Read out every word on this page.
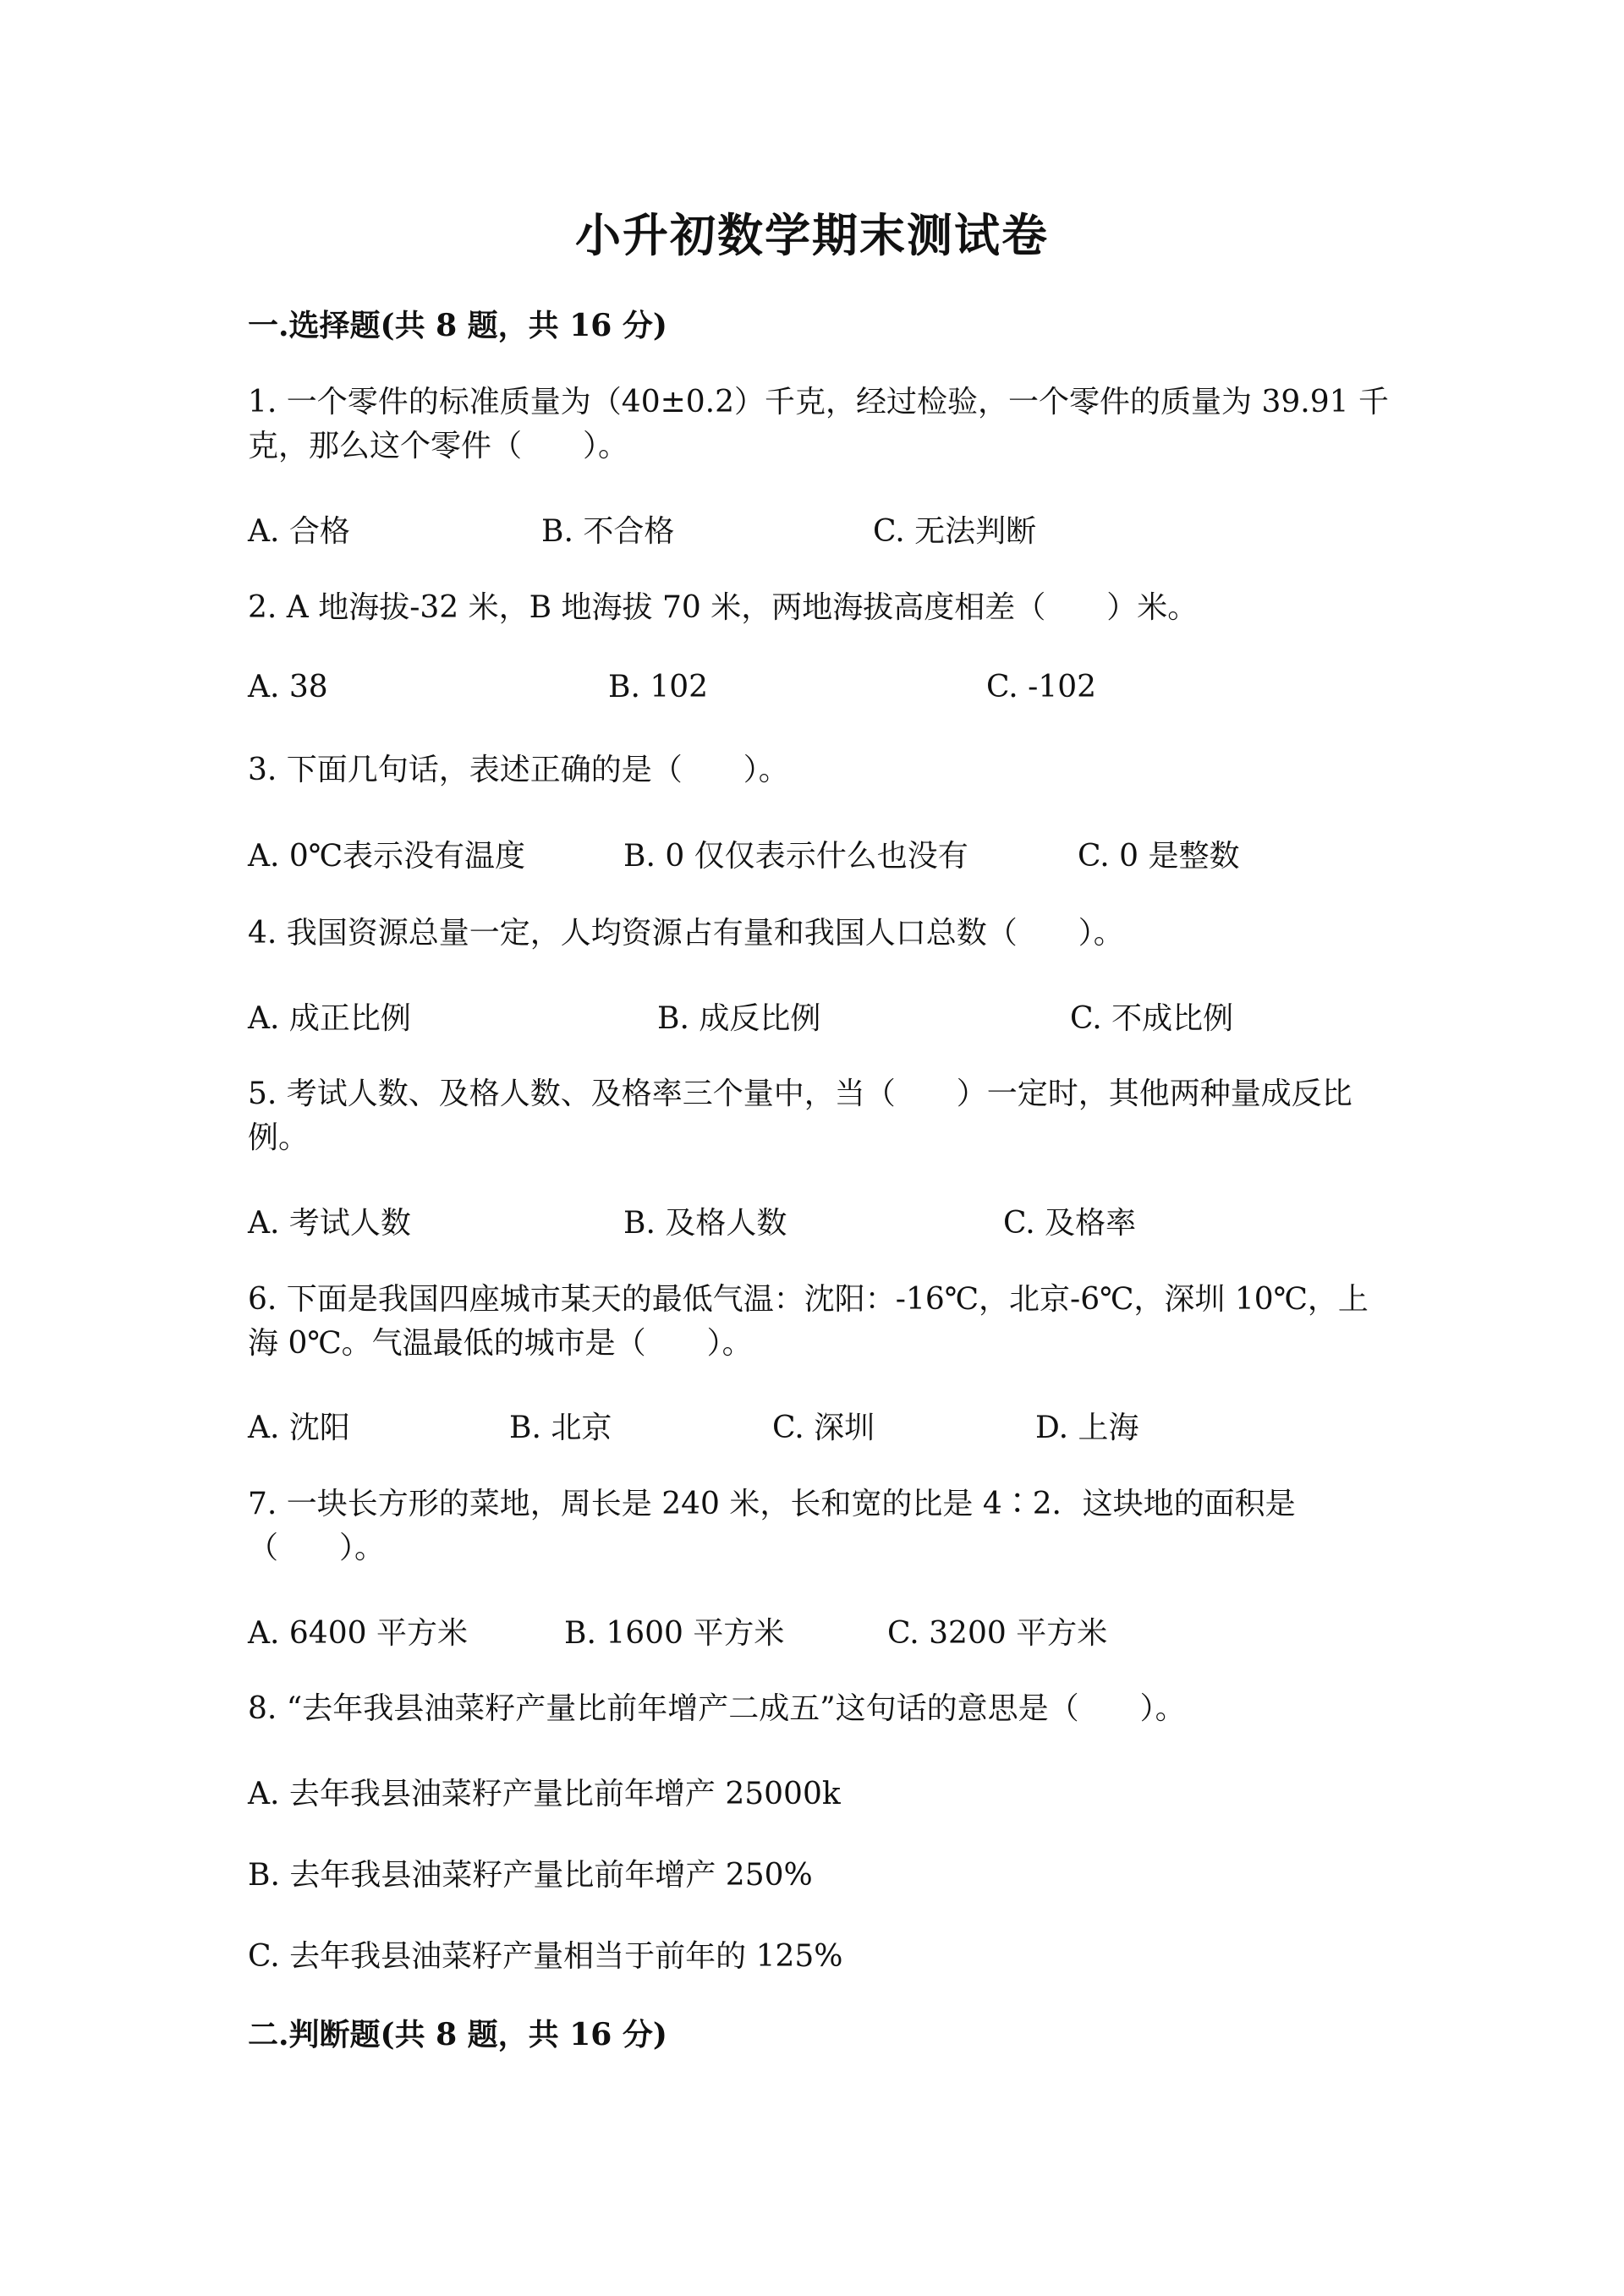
小升初数学期末测试卷
一.选择题(共 8 题，共 16 分)
1. 一个零件的标准质量为（40±0.2）千克，经过检验，一个零件的质量为 39.91 千克，那么这个零件（　　）。
A. 合格	B. 不合格	C. 无法判断
2. A 地海拔-32 米，B 地海拔 70 米，两地海拔高度相差（　　）米。
A. 38	B. 102	C. -102
3. 下面几句话，表述正确的是（　　）。
A. 0℃表示没有温度	B. 0 仅仅表示什么也没有	C. 0 是整数
4. 我国资源总量一定，人均资源占有量和我国人口总数（　　）。
A. 成正比例	B. 成反比例	C. 不成比例
5. 考试人数、及格人数、及格率三个量中，当（　　）一定时，其他两种量成反比例。
A. 考试人数	B. 及格人数	C. 及格率
6. 下面是我国四座城市某天的最低气温：沈阳：-16℃，北京-6℃，深圳 10℃，上海 0℃。气温最低的城市是（　　）。
A. 沈阳	B. 北京	C. 深圳	D. 上海
7. 一块长方形的菜地，周长是 240 米，长和宽的比是 4∶2．这块地的面积是（　　）。
A. 6400 平方米	B. 1600 平方米	C. 3200 平方米
8. “去年我县油菜籽产量比前年增产二成五”这句话的意思是（　　）。
A. 去年我县油菜籽产量比前年增产 25000k
B. 去年我县油菜籽产量比前年增产 250%
C. 去年我县油菜籽产量相当于前年的 125%
二.判断题(共 8 题，共 16 分)
